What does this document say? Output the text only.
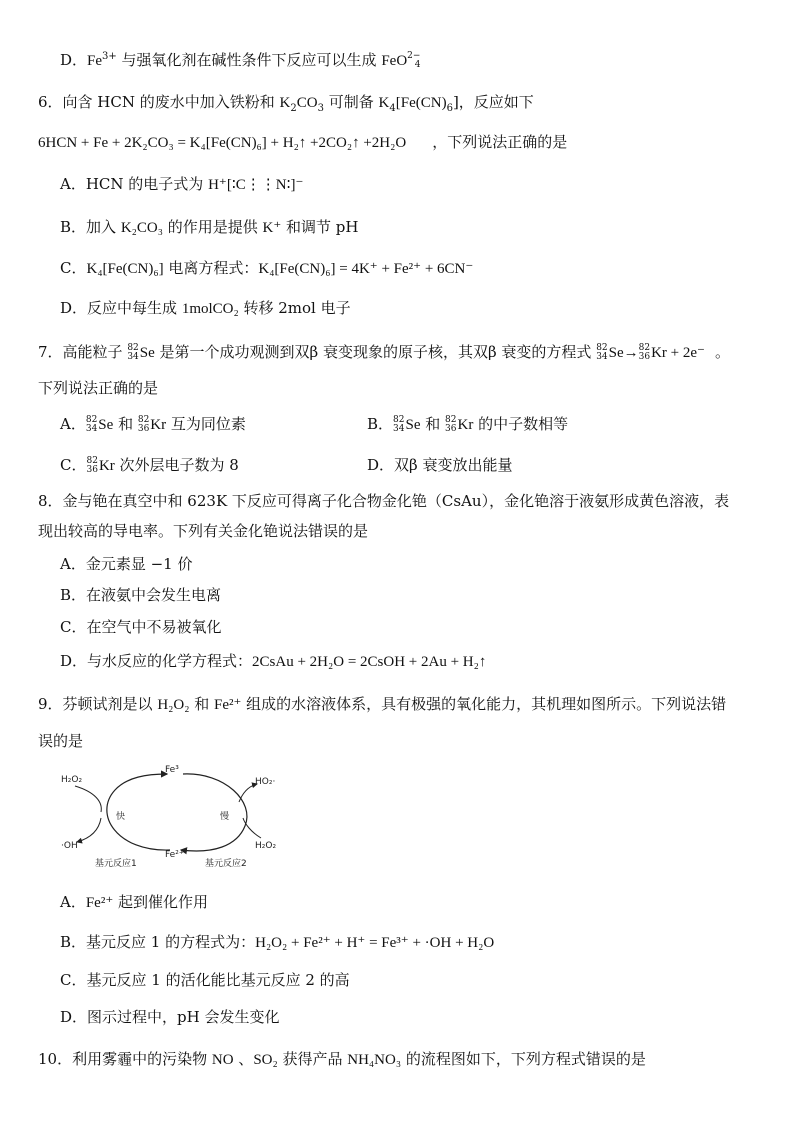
D．$Fe^{3+}$ 与强氧化剂在碱性条件下反应可以生成 FeO 2−
4
6．向含 HCN 的废水中加入铁粉和 $K_2CO_3$ 可制备 $K_4[Fe(CN)_6]$，反应如下
6HCN + Fe + 2K₂CO₃ = K₄[Fe(CN)₆] + H₂↑ +2CO₂↑ +2H₂O ，下列说法正确的是
A．HCN 的电子式为 H⁺[∶C⋮⋮N∶]⁻
B．加入 K₂CO₃ 的作用是提供 K⁺ 和调节 pH
C．K₄[Fe(CN)₆] 电离方程式：K₄[Fe(CN)₆] = 4K⁺ + Fe²⁺ + 6CN⁻
D．反应中每生成 1molCO₂ 转移 2mol 电子
7．高能粒子 82
34 Se 是第一个成功观测到双β 衰变现象的原子核，其双β 衰变的方程式 82
34 Se→ 82
36 Kr + 2e⁻ 。
下列说法正确的是
A． 82
34 Se 和 82
36 Kr 互为同位素	B． 82
34 Se 和 82
36 Kr 的中子数相等
C． 82
36 Kr 次外层电子数为 8	D．双β 衰变放出能量
8．金与铯在真空中和 623K 下反应可得离子化合物金化铯（CsAu），金化铯溶于液氨形成黄色溶液，表
现出较高的导电率。下列有关金化铯说法错误的是
A．金元素显 −1 价
B．在液氨中会发生电离
C．在空气中不易被氧化
D．与水反应的化学方程式：2CsAu + 2H₂O = 2CsOH + 2Au + H₂↑
9．芬顿试剂是以 H₂O₂ 和 Fe²⁺ 组成的水溶液体系，具有极强的氧化能力，其机理如图所示。下列说法错
误的是
H₂O₂
·OH
快
Fe³
Fe²⁺
慢
HO₂·
H₂O₂
基元反应1	基元反应2
A．Fe²⁺ 起到催化作用
B．基元反应 1 的方程式为：H₂O₂ + Fe²⁺ + H⁺ = Fe³⁺ + ·OH + H₂O
C．基元反应 1 的活化能比基元反应 2 的高
D．图示过程中，pH 会发生变化
10．利用雾霾中的污染物 NO 、SO₂ 获得产品 NH₄NO₃ 的流程图如下，下列方程式错误的是
